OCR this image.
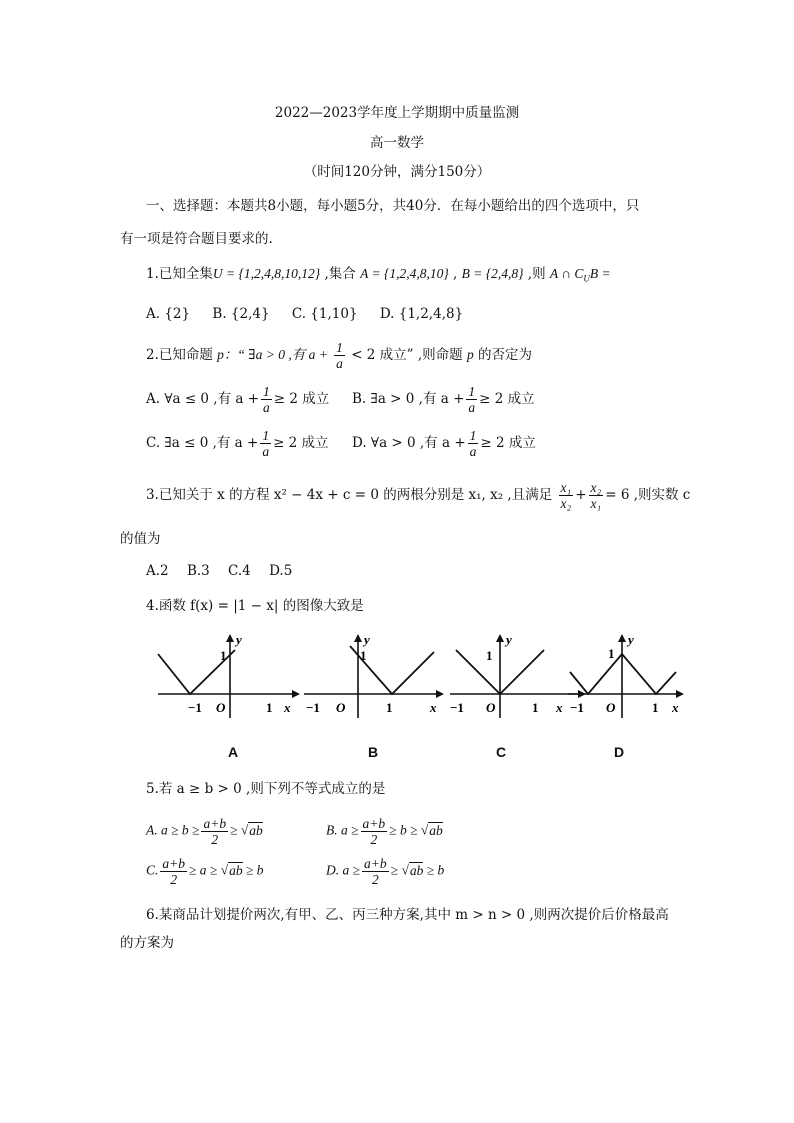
2022—2023学年度上学期期中质量监测
高一数学
（时间120分钟，满分150分）
一、选择题：本题共8小题，每小题5分，共40分．在每小题给出的四个选项中，只
有一项是符合题目要求的.
1.已知全集U = {1,2,4,8,10,12} ,集合 A = {1,2,4,8,10} , B = {2,4,8} ,则 A ∩ $C_UB$ =
A. {2} B. {2,4} C. {1,10} D. {1,2,4,8}
2.已知命题 p：“ ∃a > 0 ,有 $a + \frac{1}{a} < 2$ 成立” ,则命题 p 的否定为
A. ∀a ≤ 0 ,有 $a + \frac{1}{a} \ge 2$ 成立 B. ∃a > 0 ,有 $a + \frac{1}{a} \ge 2$ 成立
C. ∃a ≤ 0 ,有 $a + \frac{1}{a} \ge 2$ 成立 D. ∀a > 0 ,有 $a + \frac{1}{a} \ge 2$ 成立
3.已知关于 x 的方程 x² − 4x + c = 0 的两根分别是 x₁, x₂ ,且满足 $\frac{\text{x₁}}{\text{x₂}} + \frac{\text{x₂}}{\text{x₁}} = 6$ ,则实数 c
的值为
A.2 B.3 C.4 D.5
4.函数 f(x) = |1 − x| 的图像大致是
−1 O	1 x
y
1
A
−1 O	1	x
y
1
B
−1 O	1 x
y
1
C
−1 O	1 x
y
1
D
5.若 a ≥ b > 0 ,则下列不等式成立的是
A. $a \ge b \ge \frac{a+b}{2} \ge √ab$	B. $a \ge \frac{a+b}{2} \ge b \ge √ab$
C. $\frac{a+b}{2} \ge a \ge √ab \ge b$	D. $a \ge \frac{a+b}{2} \ge √ab \ge b$
6.某商品计划提价两次,有甲、乙、丙三种方案,其中 m > n > 0 ,则两次提价后价格最高
的方案为
